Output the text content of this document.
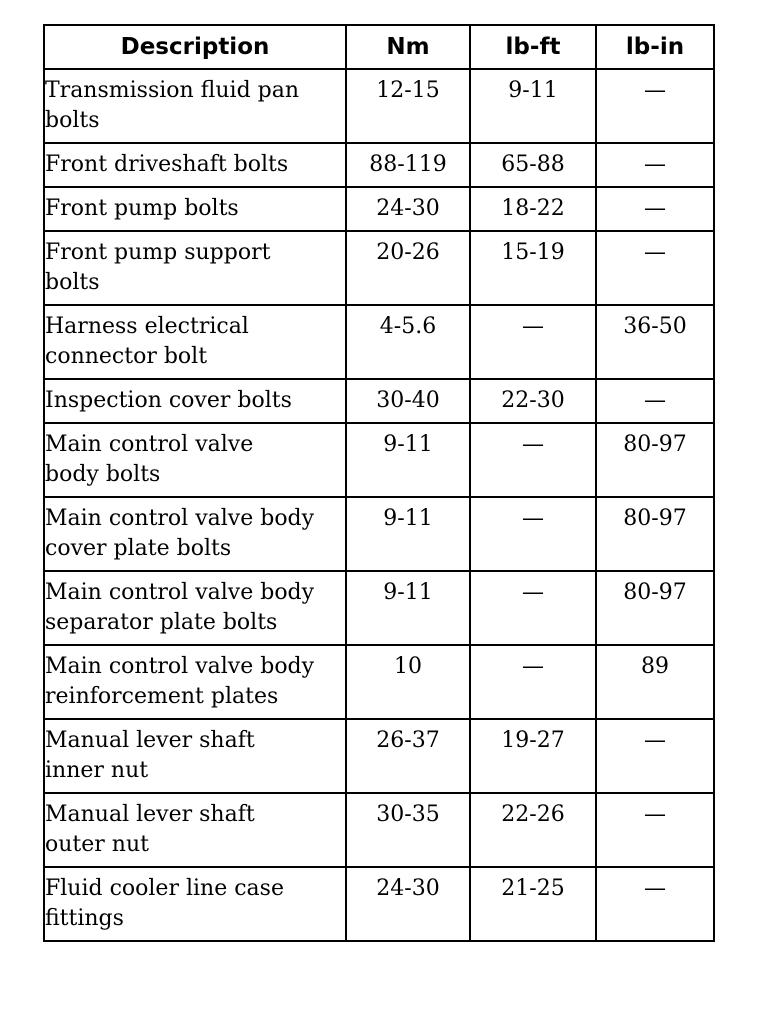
Description	Nm	lb-ft	lb-in
Transmission fluid pan bolts	12-15	9-11	—
Front driveshaft bolts	88-119	65-88	—
Front pump bolts	24-30	18-22	—
Front pump support bolts	20-26	15-19	—
Harness electrical connector bolt	4-5.6	—	36-50
Inspection cover bolts	30-40	22-30	—
Main control valve body bolts	9-11	—	80-97
Main control valve body cover plate bolts	9-11	—	80-97
Main control valve body separator plate bolts	9-11	—	80-97
Main control valve body reinforcement plates	10	—	89
Manual lever shaft inner nut	26-37	19-27	—
Manual lever shaft outer nut	30-35	22-26	—
Fluid cooler line case fittings	24-30	21-25	—
